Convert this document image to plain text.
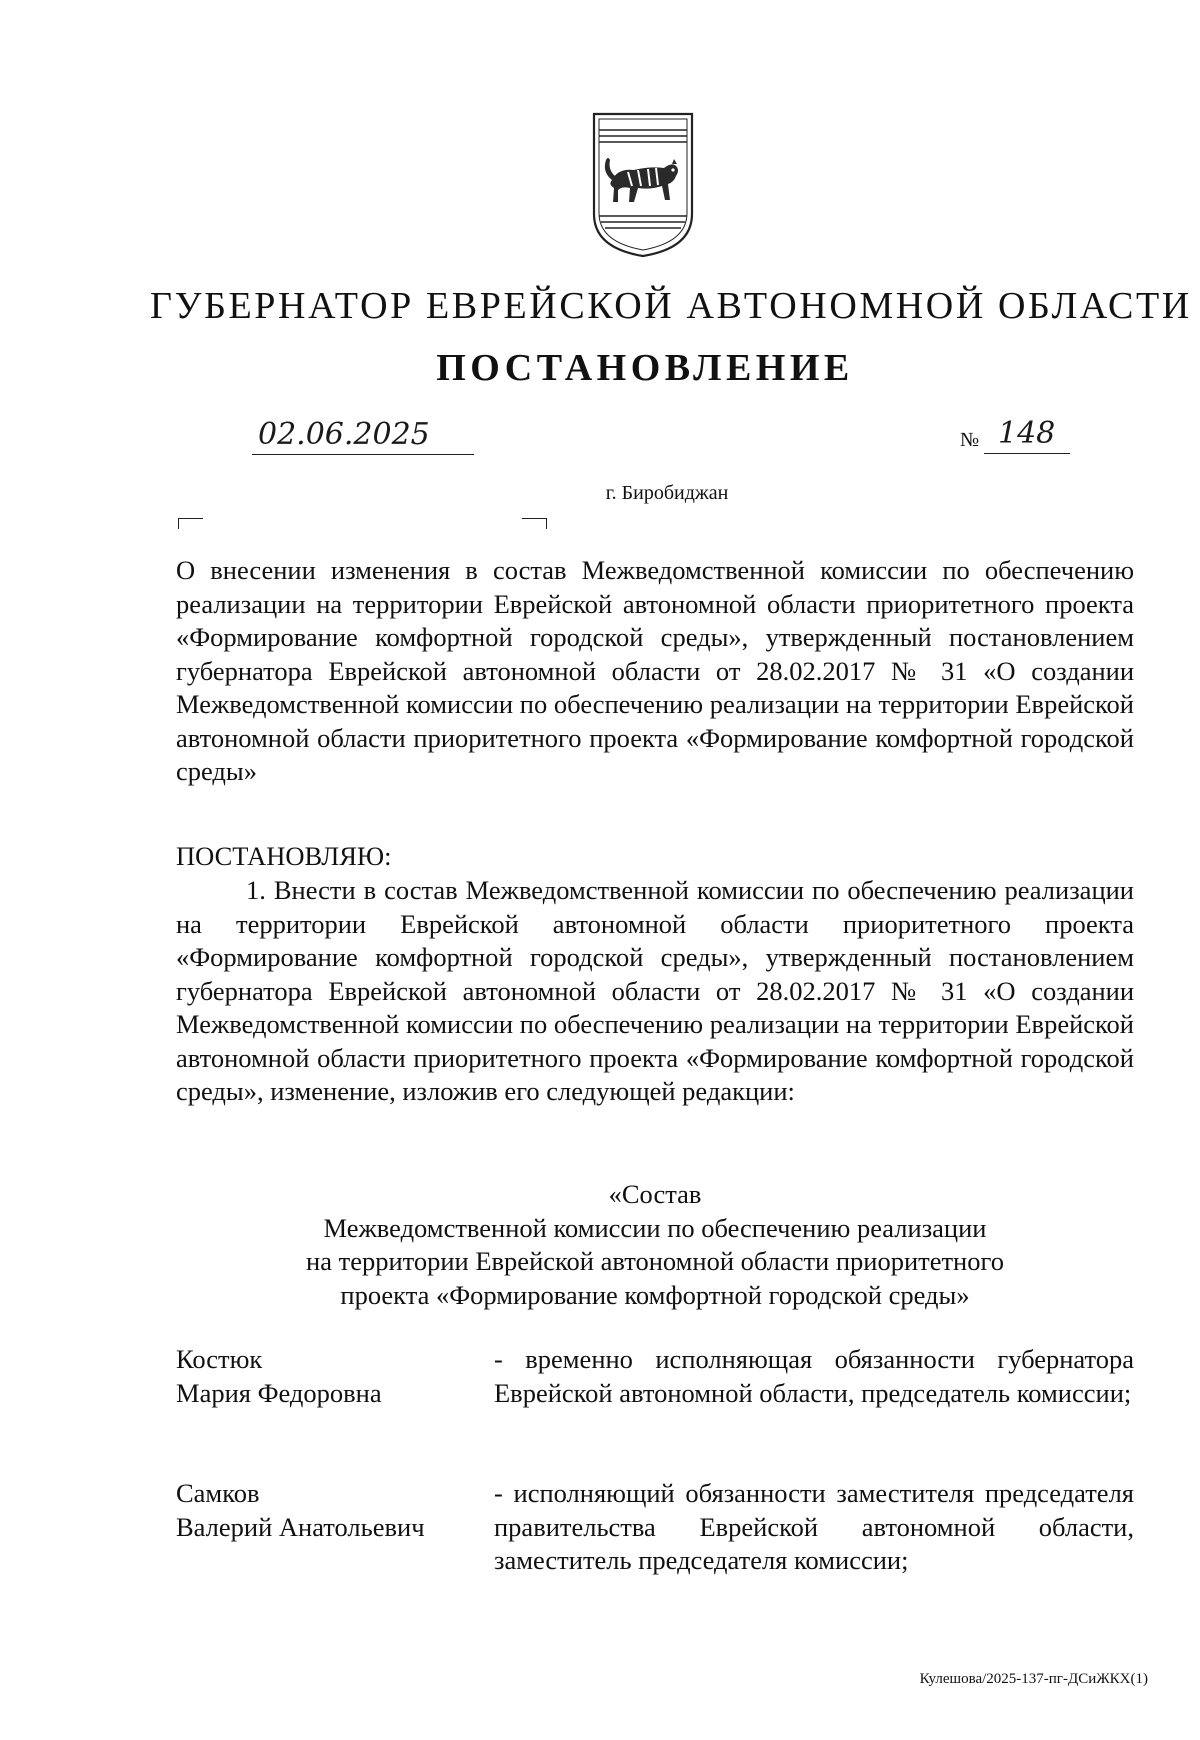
ГУБЕРНАТОР ЕВРЕЙСКОЙ АВТОНОМНОЙ ОБЛАСТИ
ПОСТАНОВЛЕНИЕ
02.06.2025	№ 148
г. Биробиджан
О внесении изменения в состав Межведомственной комиссии по обеспечению реализации на территории Еврейской автономной области приоритетного проекта «Формирование комфортной городской среды», утвержденный постановлением губернатора Еврейской автономной области от 28.02.2017 № 31 «О создании Межведомственной комиссии по обеспечению реализации на территории Еврейской автономной области приоритетного проекта «Формирование комфортной городской среды»
ПОСТАНОВЛЯЮ:
1. Внести в состав Межведомственной комиссии по обеспечению реализации на территории Еврейской автономной области приоритетного проекта «Формирование комфортной городской среды», утвержденный постановлением губернатора Еврейской автономной области от 28.02.2017 № 31 «О создании Межведомственной комиссии по обеспечению реализации на территории Еврейской автономной области приоритетного проекта «Формирование комфортной городской среды», изменение, изложив его следующей редакции:
«Состав
Межведомственной комиссии по обеспечению реализации
на территории Еврейской автономной области приоритетного
проекта «Формирование комфортной городской среды»
Костюк
Мария Федоровна
- временно исполняющая обязанности губернатора Еврейской автономной области, председатель комиссии;
Самков
Валерий Анатольевич
- исполняющий обязанности заместителя председателя правительства Еврейской автономной области, заместитель председателя комиссии;
Кулешова/2025-137-пг-ДСиЖКХ(1)
